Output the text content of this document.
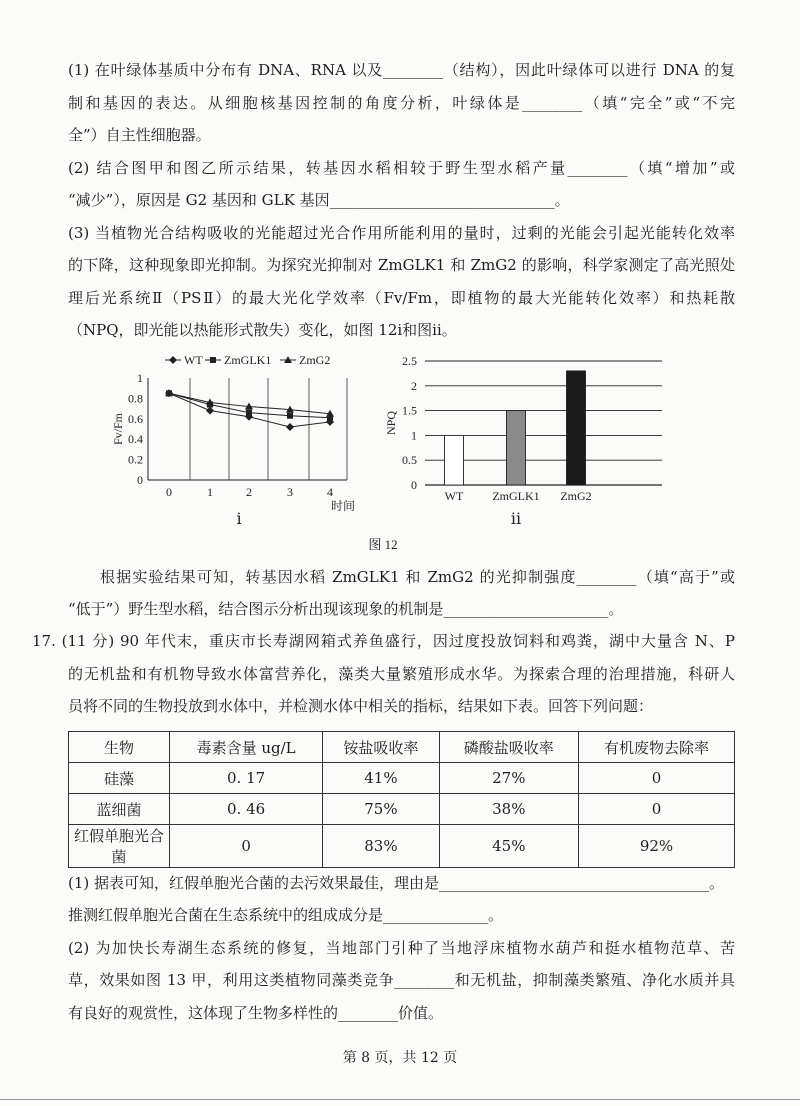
(1) 在叶绿体基质中分布有 DNA、RNA 以及________（结构），因此叶绿体可以进行 DNA 的复
制和基因的表达。从细胞核基因控制的角度分析，叶绿体是________（填“完全”或“不完
全”）自主性细胞器。
(2) 结合图甲和图乙所示结果，转基因水稻相较于野生型水稻产量________（填“增加”或
“减少”），原因是 G2 基因和 GLK 基因______________________________。
(3) 当植物光合结构吸收的光能超过光合作用所能利用的量时，过剩的光能会引起光能转化效率
的下降，这种现象即光抑制。为探究光抑制对 ZmGLK1 和 ZmG2 的影响，科学家测定了高光照处
理后光系统Ⅱ（PSⅡ）的最大光化学效率（Fv/Fm，即植物的最大光能转化效率）和热耗散
（NPQ，即光能以热能形式散失）变化，如图 12ⅰ和图ⅱ。
0
0.2
0.4
0.6
0.8
1
0	1	2	3	4
时间
Fv/Fm
ⅰ
WT ZmGLK1 ZmG2
0
0.5
1
1.5
2
2.5
NPQ
WT ZmGLK1 ZmG2
ⅱ
图 12
根据实验结果可知，转基因水稻 ZmGLK1 和 ZmG2 的光抑制强度________（填“高于”或
“低于”）野生型水稻，结合图示分析出现该现象的机制是______________________。
17. (11 分) 90 年代末，重庆市长寿湖网箱式养鱼盛行，因过度投放饲料和鸡粪，湖中大量含 N、P
的无机盐和有机物导致水体富营养化，藻类大量繁殖形成水华。为探索合理的治理措施，科研人
员将不同的生物投放到水体中，并检测水体中相关的指标，结果如下表。回答下列问题：
生物	毒素含量 ug/L	铵盐吸收率	磷酸盐吸收率	有机废物去除率
硅藻	0. 17	41%	27%	0
蓝细菌	0. 46	75%	38%	0
红假单胞光合菌	0	83%	45%	92%
(1) 据表可知，红假单胞光合菌的去污效果最佳，理由是____________________________________。
推测红假单胞光合菌在生态系统中的组成成分是______________。
(2) 为加快长寿湖生态系统的修复，当地部门引种了当地浮床植物水葫芦和挺水植物范草、苦
草，效果如图 13 甲，利用这类植物同藻类竞争________和无机盐，抑制藻类繁殖、净化水质并具
有良好的观赏性，这体现了生物多样性的________价值。
第 8 页，共 12 页
